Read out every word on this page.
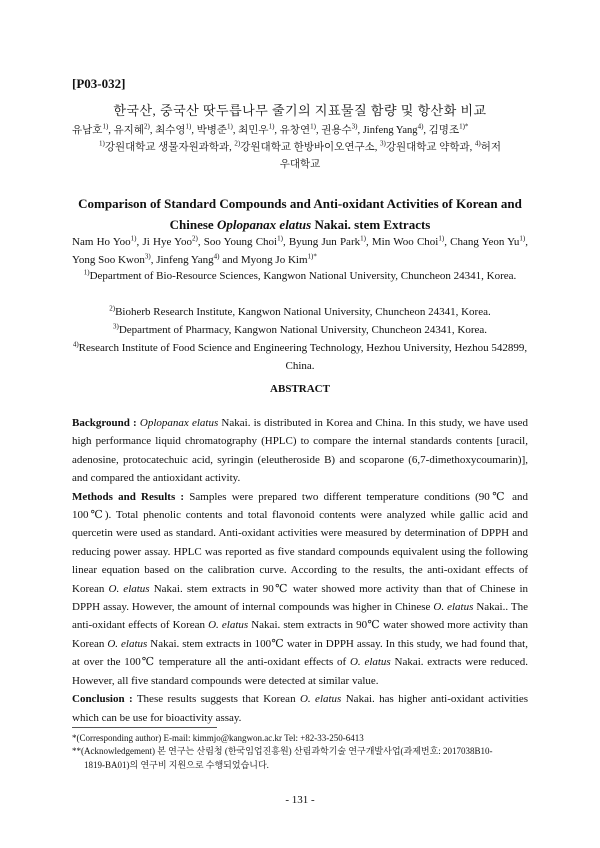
[P03-032]
한국산, 중국산 땃두릅나무 줄기의 지표물질 함량 및 항산화 비교
유남호$^{1)}$, 유지혜$^{2)}$, 최수영$^{1)}$, 박병준$^{1)}$, 최민우$^{1)}$, 유창연$^{1)}$, 권용수$^{3)}$, Jinfeng Yang$^{4)}$, 김명조$^{1)*}$
$^{1)}$강원대학교 생물자원과학과, $^{2)}$강원대학교 한방바이오연구소, $^{3)}$강원대학교 약학과, $^{4)}$허저
우대학교
Comparison of Standard Compounds and Anti-oxidant Activities of Korean and Chinese Oplopanax elatus Nakai. stem Extracts
Nam Ho Yoo$^{1)}$, Ji Hye Yoo$^{2)}$, Soo Young Choi$^{1)}$, Byung Jun Park$^{1)}$, Min Woo Choi$^{1)}$, Chang Yeon Yu$^{1)}$, Yong Soo Kwon$^{3)}$, Jinfeng Yang$^{4)}$ and Myong Jo Kim$^{1)*}$
$^{1)}$Department of Bio-Resource Sciences, Kangwon National University, Chuncheon 24341, Korea.
$^{2)}$Bioherb Research Institute, Kangwon National University, Chuncheon 24341, Korea.
$^{3)}$Department of Pharmacy, Kangwon National University, Chuncheon 24341, Korea.
$^{4)}$Research Institute of Food Science and Engineering Technology, Hezhou University, Hezhou 542899, China.
ABSTRACT

Background : Oplopanax elatus Nakai. is distributed in Korea and China. In this study, we have used high performance liquid chromatography (HPLC) to compare the internal standards contents [uracil, adenosine, protocatechuic acid, syringin (eleutheroside B) and scoparone (6,7-dimethoxycoumarin)], and compared the antioxidant activity.

Methods and Results : Samples were prepared two different temperature conditions (90℃ and 100℃). Total phenolic contents and total flavonoid contents were analyzed while gallic acid and quercetin were used as standard. Anti-oxidant activities were measured by determination of DPPH and reducing power assay. HPLC was reported as five standard compounds equivalent using the following linear equation based on the calibration curve. According to the results, the anti-oxidant effects of Korean O. elatus Nakai. stem extracts in 90℃ water showed more activity than that of Chinese in DPPH assay. However, the amount of internal compounds was higher in Chinese O. elatus Nakai.. The anti-oxidant effects of Korean O. elatus Nakai. stem extracts in 90℃ water showed more activity than Korean O. elatus Nakai. stem extracts in 100℃ water in DPPH assay. In this study, we had found that, at over the 100℃ temperature all the anti-oxidant effects of O. elatus Nakai. extracts were reduced. However, all five standard compounds were detected at similar value.

Conclusion : These results suggests that Korean O. elatus Nakai. has higher anti-oxidant activities which can be use for bioactivity assay.

*(Corresponding author) E-mail: kimmjo@kangwon.ac.kr Tel: +82-33-250-6413
**(Acknowledgement) 본 연구는 산림청 (한국임업진흥원) 산림과학기술 연구개발사업(과제번호: 2017038B10-
1819-BA01)의 연구비 지원으로 수행되었습니다.
- 131 -
